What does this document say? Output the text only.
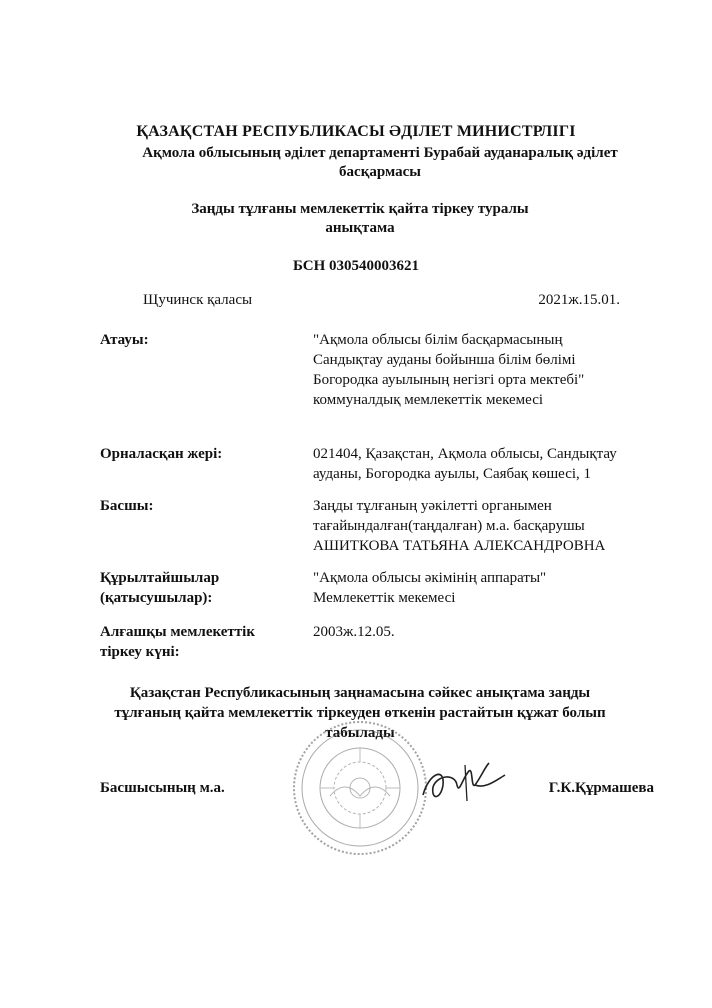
ҚАЗАҚСТАН РЕСПУБЛИКАСЫ ӘДІЛЕТ МИНИСТРЛІГІ
Ақмола облысының әділет департаменті Бурабай ауданаралық әділет
басқармасы
Заңды тұлғаны мемлекеттік қайта тіркеу туралы
анықтама
БСН 030540003621
Щучинск қаласы	2021ж.15.01.
Атауы:	"Ақмола облысы білім басқармасының
Сандықтау ауданы бойынша білім бөлімі
Богородка ауылының негізгі орта мектебі"
коммуналдық мемлекеттік мекемесі
Орналасқан жері:	021404, Қазақстан, Ақмола облысы, Сандықтау
ауданы, Богородка ауылы, Саябақ көшесі, 1
Басшы:	Заңды тұлғаның уәкілетті органымен
тағайындалған(таңдалған) м.а. басқарушы
АШИТКОВА ТАТЬЯНА АЛЕКСАНДРОВНА
Құрылтайшылар
(қатысушылар):
"Ақмола облысы әкімінің аппараты"
Мемлекеттік мекемесі
Алғашқы мемлекеттік
тіркеу күні:
2003ж.12.05.
Қазақстан Республикасының заңнамасына сәйкес анықтама заңды
тұлғаның қайта мемлекеттік тіркеуден өткенін растайтын құжат болып
табылады
Басшысының м.а.	Г.К.Құрмашева
